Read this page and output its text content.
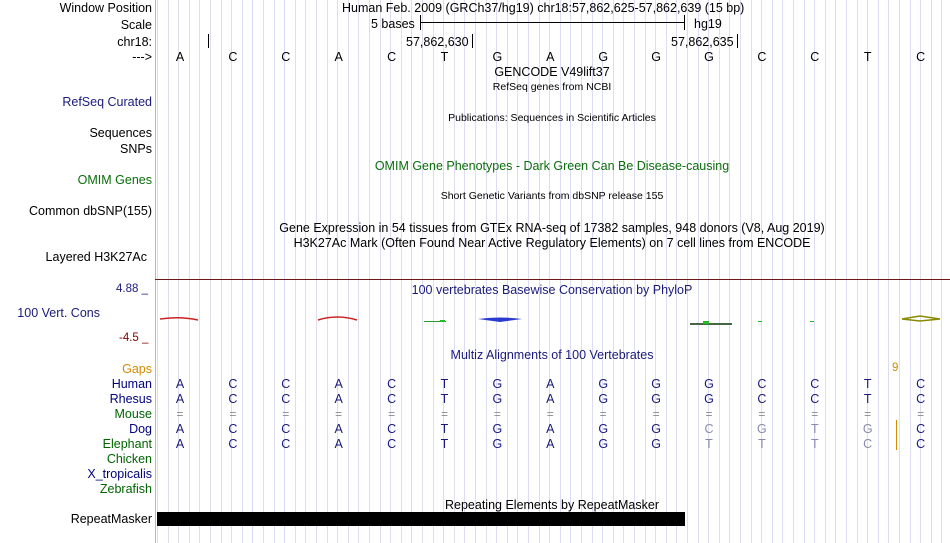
Window Position	Human Feb. 2009 (GRCh37/hg19) chr18:57,862,625-57,862,639 (15 bp)
Scale	5 bases	hg19
chr18:	57,862,630	57,862,635
---> A	C	C	A	C	T	G	A	G	G	G	C	C	T	C
GENCODE V49lift37
RefSeq genes from NCBI
RefSeq Curated
Publications: Sequences in Scientific Articles
Sequences
SNPs
OMIM Gene Phenotypes - Dark Green Can Be Disease-causing
OMIM Genes
Short Genetic Variants from dbSNP release 155
Common dbSNP(155)
Gene Expression in 54 tissues from GTEx RNA-seq of 17382 samples, 948 donors (V8, Aug 2019)
H3K27Ac Mark (Often Found Near Active Regulatory Elements) on 7 cell lines from ENCODE
Layered H3K27Ac
4.88 _	100 vertebrates Basewise Conservation by PhyloP
100 Vert. Cons
-4.5 _
Multiz Alignments of 100 Vertebrates
Gaps	9
Human A	C	C	A	C	T	G	A	G	G	G	C	C	T	C
Rhesus A	C	C	A	C	T	G	A	G	G	G	C	C	T	C
Mouse =	=	=	=	=	=	=	=	=	=	=	=	=	=	=
Dog A	C	C	A	C	T	G	A	G	G	C	G	T	G	C
Elephant A	C	C	A	C	T	G	A	G	G	T	T	T	C	C
Chicken
X_tropicalis
Zebrafish
Repeating Elements by RepeatMasker
RepeatMasker
